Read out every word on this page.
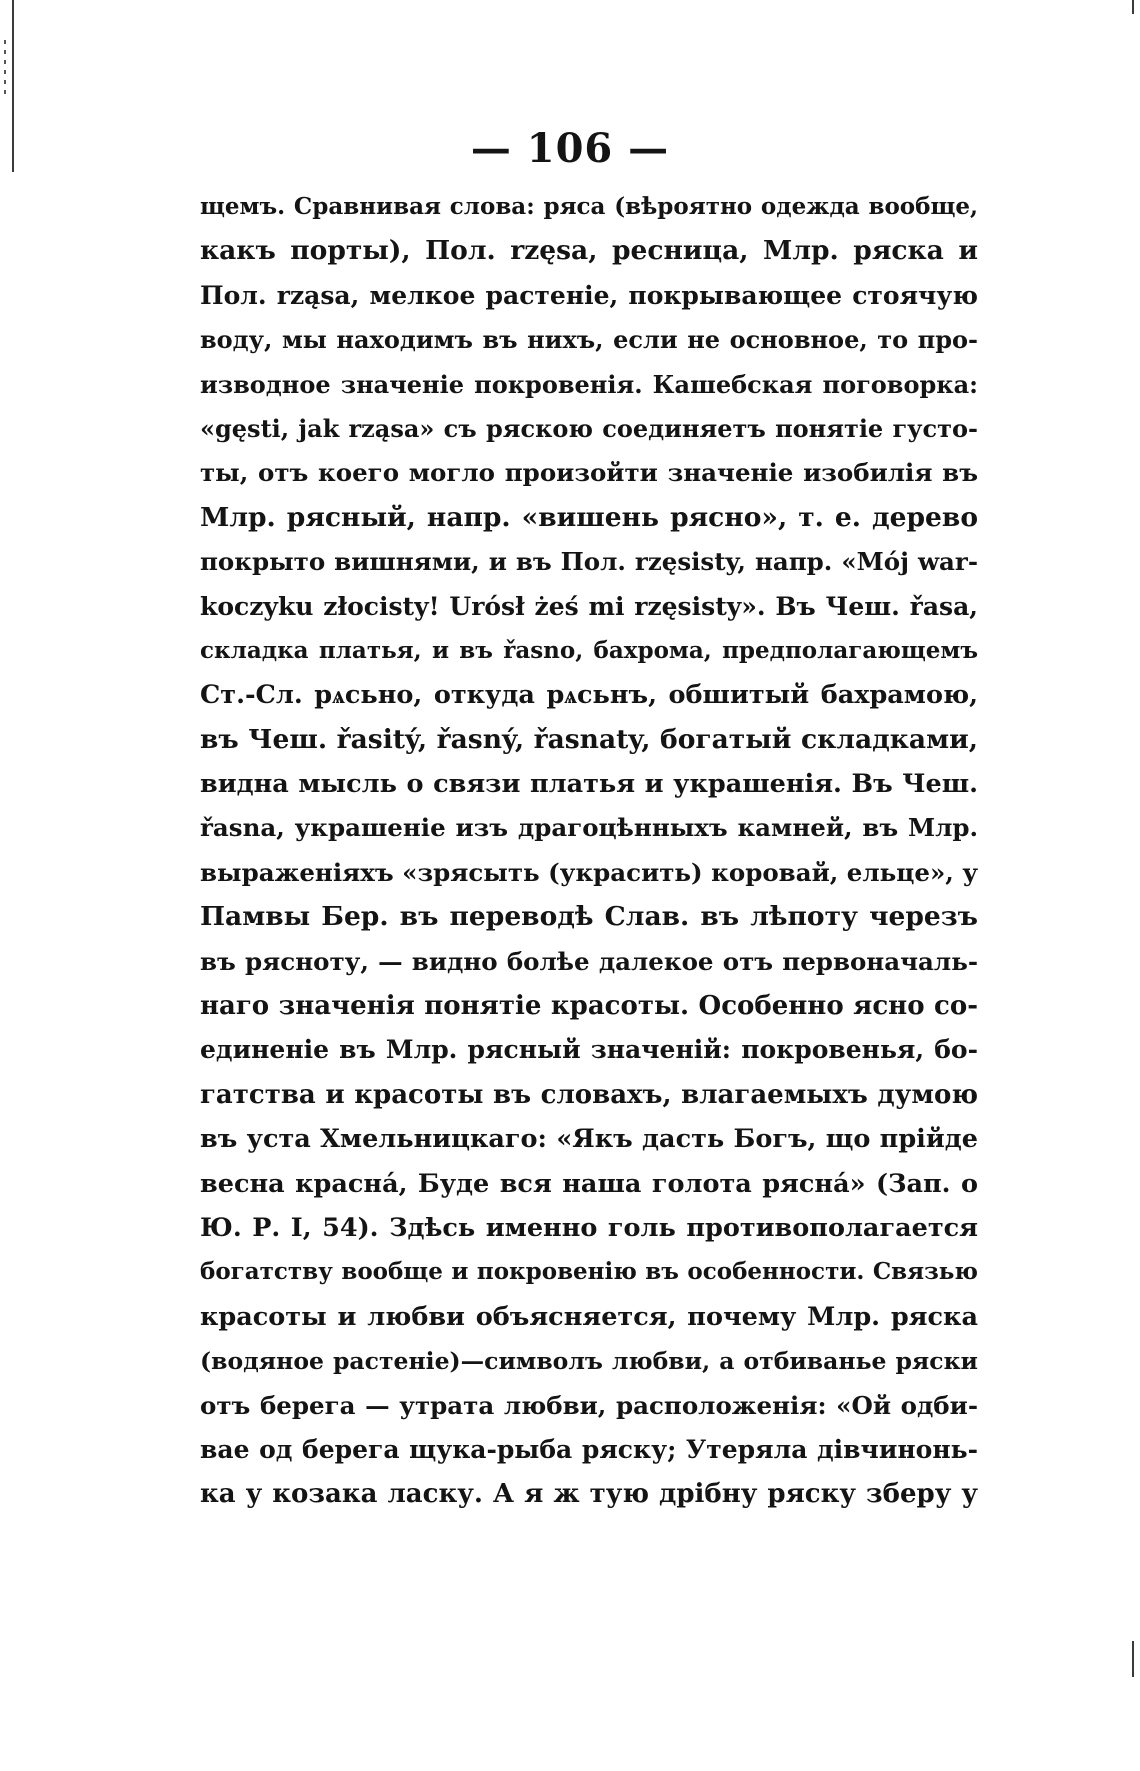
— 106 —
щемъ. Сравнивая слова: ряса (вѣроятно одежда вообще,
какъ порты), Пол. rzęsa, ресница, Млр. ряска и
Пол. rząsa, мелкое растеніе, покрывающее стоячую
воду, мы находимъ въ нихъ, если не основное, то про-
изводное значеніе покровенія. Кашебская поговорка:
«gęsti, jak rząsa» съ ряскою соединяетъ понятіе густо-
ты, отъ коего могло произойти значеніе изобилія въ
Млр. рясный, напр. «вишень рясно», т. е. дерево
покрыто вишнями, и въ Пол. rzęsisty, напр. «Mój war-
koczyku złocisty! Urósł żeś mi rzęsisty». Въ Чеш. řasa,
складка платья, и въ řasno, бахрома, предполагающемъ
Ст.-Сл. рѧсьно, откуда рѧсьнъ, обшитый бахрамою,
въ Чеш. řasitý, řasný, řasnaty, богатый складками,
видна мысль о связи платья и украшенія. Въ Чеш.
řasna, украшеніе изъ драгоцѣнныхъ камней, въ Млр.
выраженіяхъ «зрясыть (украсить) коровай, ельце», у
Памвы Бер. въ переводѣ Слав. въ лѣпоту черезъ
въ рясноту, — видно болѣе далекое отъ первоначаль-
наго значенія понятіе красоты. Особенно ясно со-
единеніе въ Млр. рясный значеній: покровенья, бо-
гатства и красоты въ словахъ, влагаемыхъ думою
въ уста Хмельницкаго: «Якъ дасть Богъ, що прійде
весна красна́, Буде вся наша голота рясна́» (Зап. о
Ю. Р. I, 54). Здѣсь именно голь противополагается
богатству вообще и покровенію въ особенности. Связью
красоты и любви объясняется, почему Млр. ряска
(водяное растеніе)—символъ любви, а отбиванье ряски
отъ берега — утрата любви, расположенія: «Ой одби-
вае од берега щука-рыба ряску; Утеряла дівчинонь-
ка у козака ласку. А я ж тую дрібну ряску зберу у
